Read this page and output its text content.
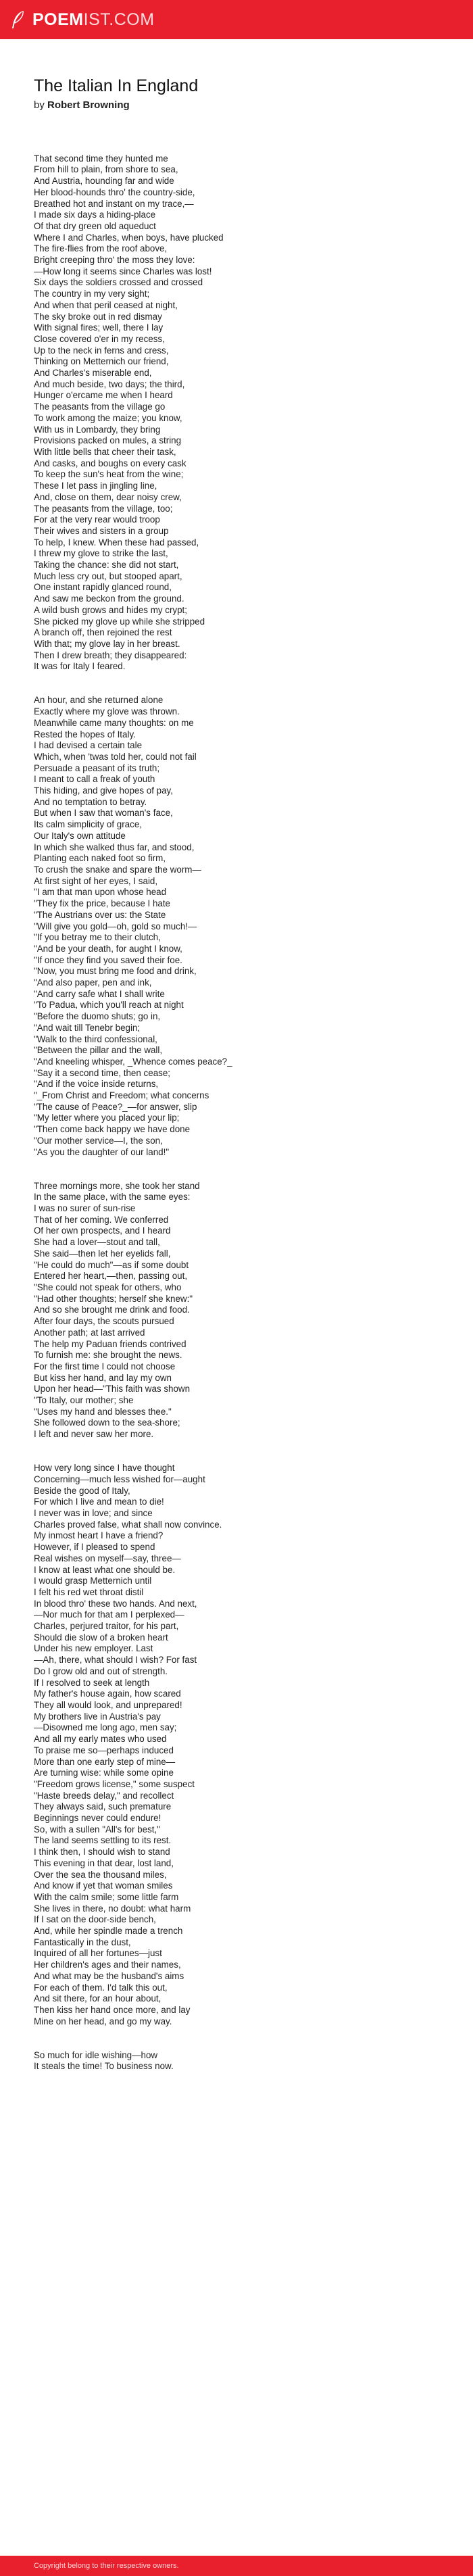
POEMIST.COM
The Italian In England
by Robert Browning

That second time they hunted me
From hill to plain, from shore to sea,
And Austria, hounding far and wide
Her blood-hounds thro' the country-side,
Breathed hot and instant on my trace,—
I made six days a hiding-place
Of that dry green old aqueduct
Where I and Charles, when boys, have plucked
The fire-flies from the roof above,
Bright creeping thro' the moss they love:
—How long it seems since Charles was lost!
Six days the soldiers crossed and crossed
The country in my very sight;
And when that peril ceased at night,
The sky broke out in red dismay
With signal fires; well, there I lay
Close covered o'er in my recess,
Up to the neck in ferns and cress,
Thinking on Metternich our friend,
And Charles's miserable end,
And much beside, two days; the third,
Hunger o'ercame me when I heard
The peasants from the village go
To work among the maize; you know,
With us in Lombardy, they bring
Provisions packed on mules, a string
With little bells that cheer their task,
And casks, and boughs on every cask
To keep the sun's heat from the wine;
These I let pass in jingling line,
And, close on them, dear noisy crew,
The peasants from the village, too;
For at the very rear would troop
Their wives and sisters in a group
To help, I knew. When these had passed,
I threw my glove to strike the last,
Taking the chance: she did not start,
Much less cry out, but stooped apart,
One instant rapidly glanced round,
And saw me beckon from the ground.
A wild bush grows and hides my crypt;
She picked my glove up while she stripped
A branch off, then rejoined the rest
With that; my glove lay in her breast.
Then I drew breath; they disappeared:
It was for Italy I feared.

An hour, and she returned alone
Exactly where my glove was thrown.
Meanwhile came many thoughts: on me
Rested the hopes of Italy.
I had devised a certain tale
Which, when 'twas told her, could not fail
Persuade a peasant of its truth;
I meant to call a freak of youth
This hiding, and give hopes of pay,
And no temptation to betray.
But when I saw that woman's face,
Its calm simplicity of grace,
Our Italy's own attitude
In which she walked thus far, and stood,
Planting each naked foot so firm,
To crush the snake and spare the worm—
At first sight of her eyes, I said,
"I am that man upon whose head
"They fix the price, because I hate
"The Austrians over us: the State
"Will give you gold—oh, gold so much!—
"If you betray me to their clutch,
"And be your death, for aught I know,
"If once they find you saved their foe.
"Now, you must bring me food and drink,
"And also paper, pen and ink,
"And carry safe what I shall write
"To Padua, which you'll reach at night
"Before the duomo shuts; go in,
"And wait till Tenebr begin;
"Walk to the third confessional,
"Between the pillar and the wall,
"And kneeling whisper, _Whence comes peace?_
"Say it a second time, then cease;
"And if the voice inside returns,
"_From Christ and Freedom; what concerns
"The cause of Peace?_—for answer, slip
"My letter where you placed your lip;
"Then come back happy we have done
"Our mother service—I, the son,
"As you the daughter of our land!"

Three mornings more, she took her stand
In the same place, with the same eyes:
I was no surer of sun-rise
That of her coming. We conferred
Of her own prospects, and I heard
She had a lover—stout and tall,
She said—then let her eyelids fall,
"He could do much"—as if some doubt
Entered her heart,—then, passing out,
"She could not speak for others, who
"Had other thoughts; herself she knew:"
And so she brought me drink and food.
After four days, the scouts pursued
Another path; at last arrived
The help my Paduan friends contrived
To furnish me: she brought the news.
For the first time I could not choose
But kiss her hand, and lay my own
Upon her head—"This faith was shown
"To Italy, our mother; she
"Uses my hand and blesses thee."
She followed down to the sea-shore;
I left and never saw her more.

How very long since I have thought
Concerning—much less wished for—aught
Beside the good of Italy,
For which I live and mean to die!
I never was in love; and since
Charles proved false, what shall now convince.
My inmost heart I have a friend?
However, if I pleased to spend
Real wishes on myself—say, three—
I know at least what one should be.
I would grasp Metternich until
I felt his red wet throat distil
In blood thro' these two hands. And next,
—Nor much for that am I perplexed—
Charles, perjured traitor, for his part,
Should die slow of a broken heart
Under his new employer. Last
—Ah, there, what should I wish? For fast
Do I grow old and out of strength.
If I resolved to seek at length
My father's house again, how scared
They all would look, and unprepared!
My brothers live in Austria's pay
—Disowned me long ago, men say;
And all my early mates who used
To praise me so—perhaps induced
More than one early step of mine—
Are turning wise: while some opine
"Freedom grows license," some suspect
"Haste breeds delay," and recollect
They always said, such premature
Beginnings never could endure!
So, with a sullen "All's for best,"
The land seems settling to its rest.
I think then, I should wish to stand
This evening in that dear, lost land,
Over the sea the thousand miles,
And know if yet that woman smiles
With the calm smile; some little farm
She lives in there, no doubt: what harm
If I sat on the door-side bench,
And, while her spindle made a trench
Fantastically in the dust,
Inquired of all her fortunes—just
Her children's ages and their names,
And what may be the husband's aims
For each of them. I'd talk this out,
And sit there, for an hour about,
Then kiss her hand once more, and lay
Mine on her head, and go my way.

So much for idle wishing—how
It steals the time! To business now.

Copyright belong to their respective owners.
